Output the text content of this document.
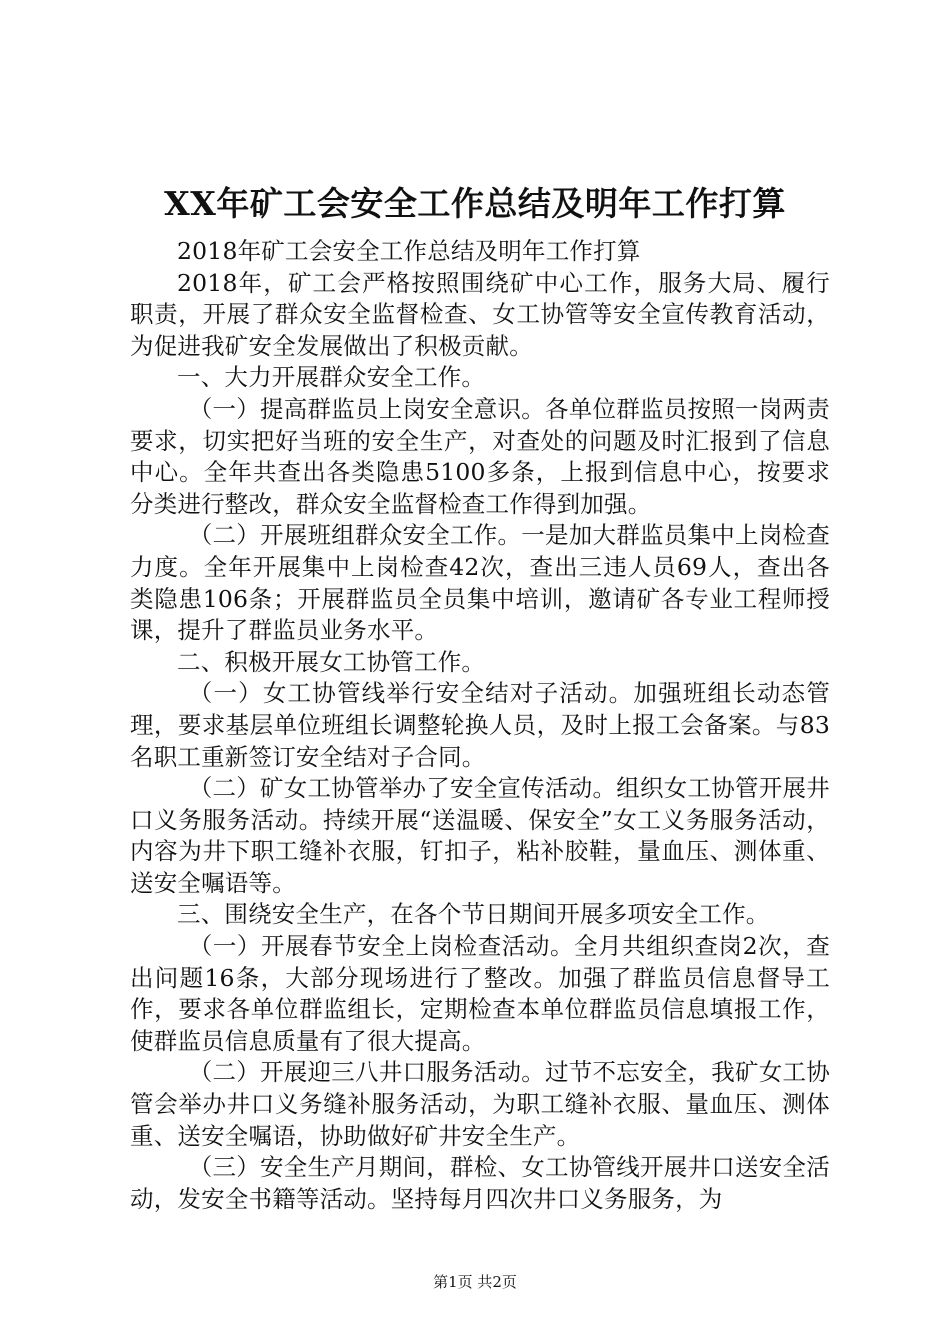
XX年矿工会安全工作总结及明年工作打算

2018年矿工会安全工作总结及明年工作打算

2018年，矿工会严格按照围绕矿中心工作，服务大局、履行职责，开展了群众安全监督检查、女工协管等安全宣传教育活动，为促进我矿安全发展做出了积极贡献。

一、大力开展群众安全工作。

（一）提高群监员上岗安全意识。各单位群监员按照一岗两责要求，切实把好当班的安全生产，对查处的问题及时汇报到了信息中心。全年共查出各类隐患5100多条，上报到信息中心，按要求分类进行整改，群众安全监督检查工作得到加强。

（二）开展班组群众安全工作。一是加大群监员集中上岗检查力度。全年开展集中上岗检查42次，查出三违人员69人，查出各类隐患106条；开展群监员全员集中培训，邀请矿各专业工程师授课，提升了群监员业务水平。

二、积极开展女工协管工作。

（一）女工协管线举行安全结对子活动。加强班组长动态管理，要求基层单位班组长调整轮换人员，及时上报工会备案。与83名职工重新签订安全结对子合同。

（二）矿女工协管举办了安全宣传活动。组织女工协管开展井口义务服务活动。持续开展“送温暖、保安全”女工义务服务活动，内容为井下职工缝补衣服，钉扣子，粘补胶鞋，量血压、测体重、送安全嘱语等。

三、围绕安全生产，在各个节日期间开展多项安全工作。

（一）开展春节安全上岗检查活动。全月共组织查岗2次，查出问题16条，大部分现场进行了整改。加强了群监员信息督导工作，要求各单位群监组长，定期检查本单位群监员信息填报工作，使群监员信息质量有了很大提高。

（二）开展迎三八井口服务活动。过节不忘安全，我矿女工协管会举办井口义务缝补服务活动，为职工缝补衣服、量血压、测体重、送安全嘱语，协助做好矿井安全生产。

（三）安全生产月期间，群检、女工协管线开展井口送安全活动，发安全书籍等活动。坚持每月四次井口义务服务，为

第1页 共2页
